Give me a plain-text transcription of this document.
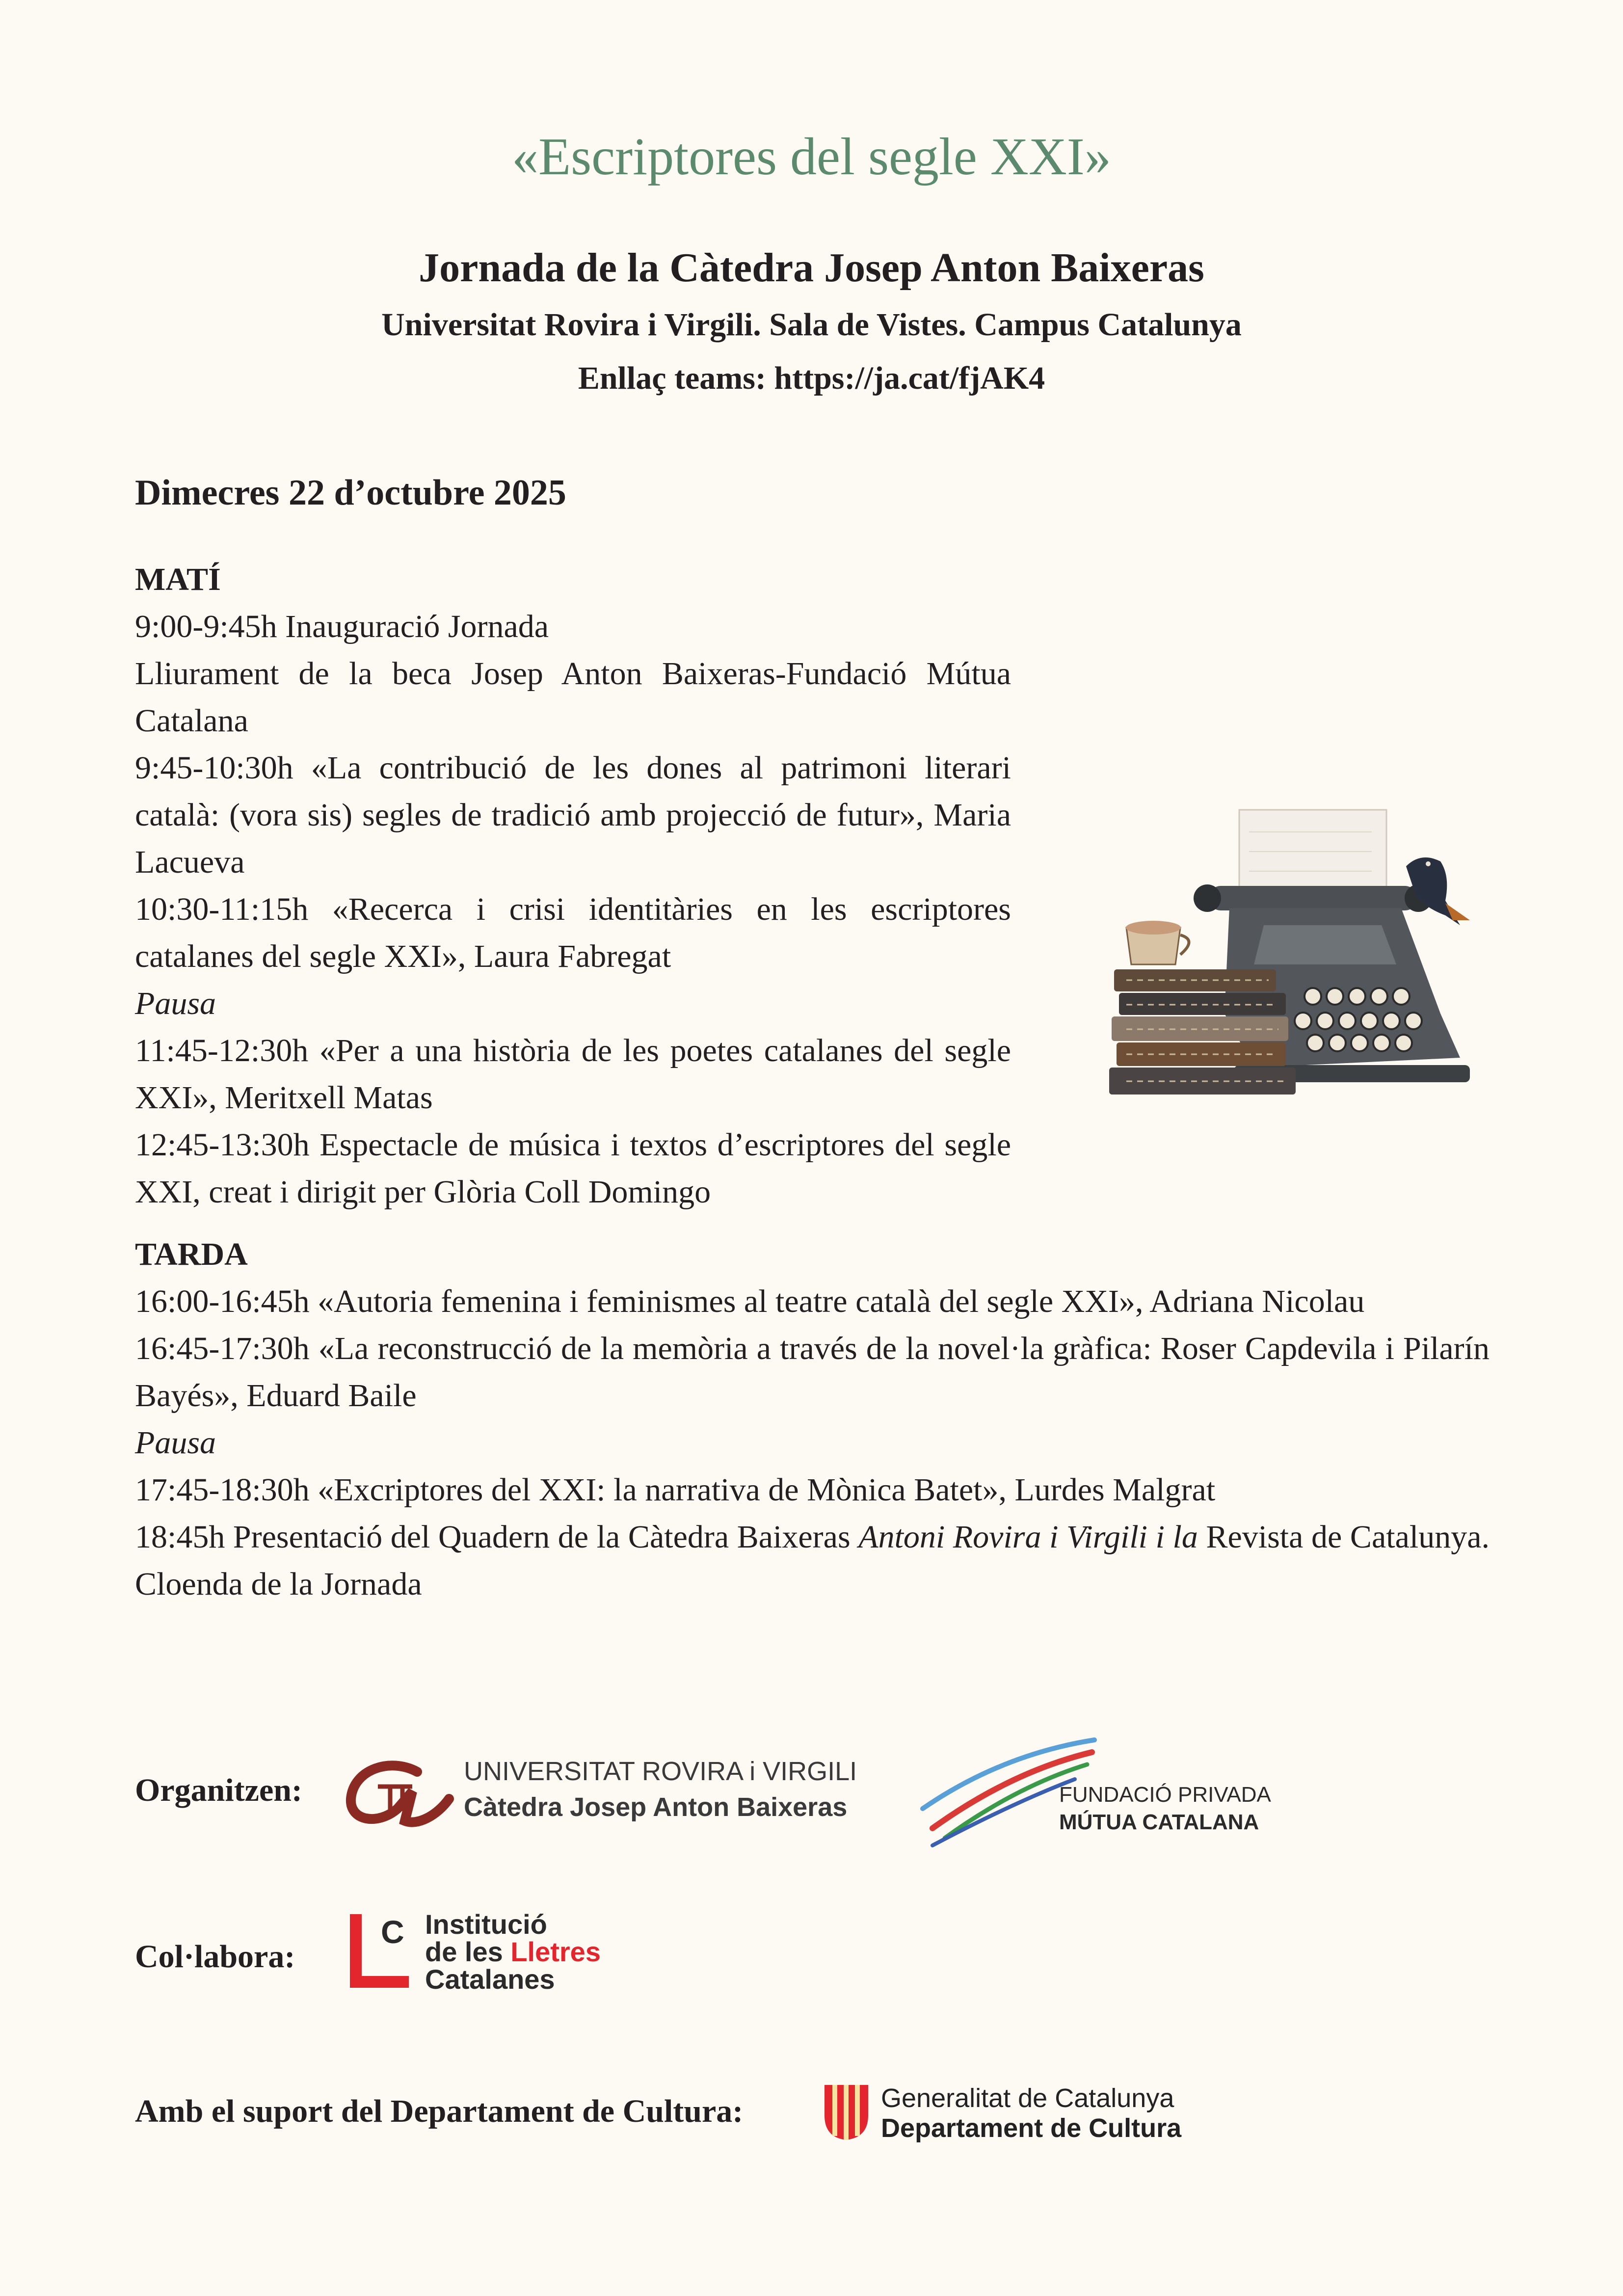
«Escriptores del segle XXI»
Jornada de la Càtedra Josep Anton Baixeras
Universitat Rovira i Virgili. Sala de Vistes. Campus Catalunya
Enllaç teams: https://ja.cat/fjAK4
Dimecres 22 d’octubre 2025
MATÍ

9:00-9:45h Inauguració Jornada

Lliurament de la beca Josep Anton Baixeras-Fundació Mútua Catalana

9:45-10:30h «La contribució de les dones al patrimoni literari català: (vora sis) segles de tradició amb projecció de futur», Maria Lacueva

10:30-11:15h «Recerca i crisi identitàries en les escriptores catalanes del segle XXI», Laura Fabregat

Pausa

11:45-12:30h «Per a una història de les poetes catalanes del segle XXI», Meritxell Matas

12:45-13:30h Espectacle de música i textos d’escriptores del segle XXI, creat i dirigit per Glòria Coll Domingo

TARDA

16:00-16:45h «Autoria femenina i feminismes al teatre català del segle XXI», Adriana Nicolau

16:45-17:30h «La reconstrucció de la memòria a través de la novel·la gràfica: Roser Capdevila i Pilarín Bayés», Eduard Baile

Pausa

17:45-18:30h «Excriptores del XXI: la narrativa de Mònica Batet», Lurdes Malgrat

18:45h Presentació del Quadern de la Càtedra Baixeras Antoni Rovira i Virgili i la Revista de Catalunya. Cloenda de la Jornada

Organitzen:
UNIVERSITAT ROVIRA i VIRGILI
Càtedra Josep Anton Baixeras	FUNDACIÓ PRIVADA
MÚTUA CATALANA
Col·labora:
C Institució
de les Lletres
Catalanes
Amb el suport del Departament de Cultura:	Generalitat de Catalunya
Departament de Cultura
